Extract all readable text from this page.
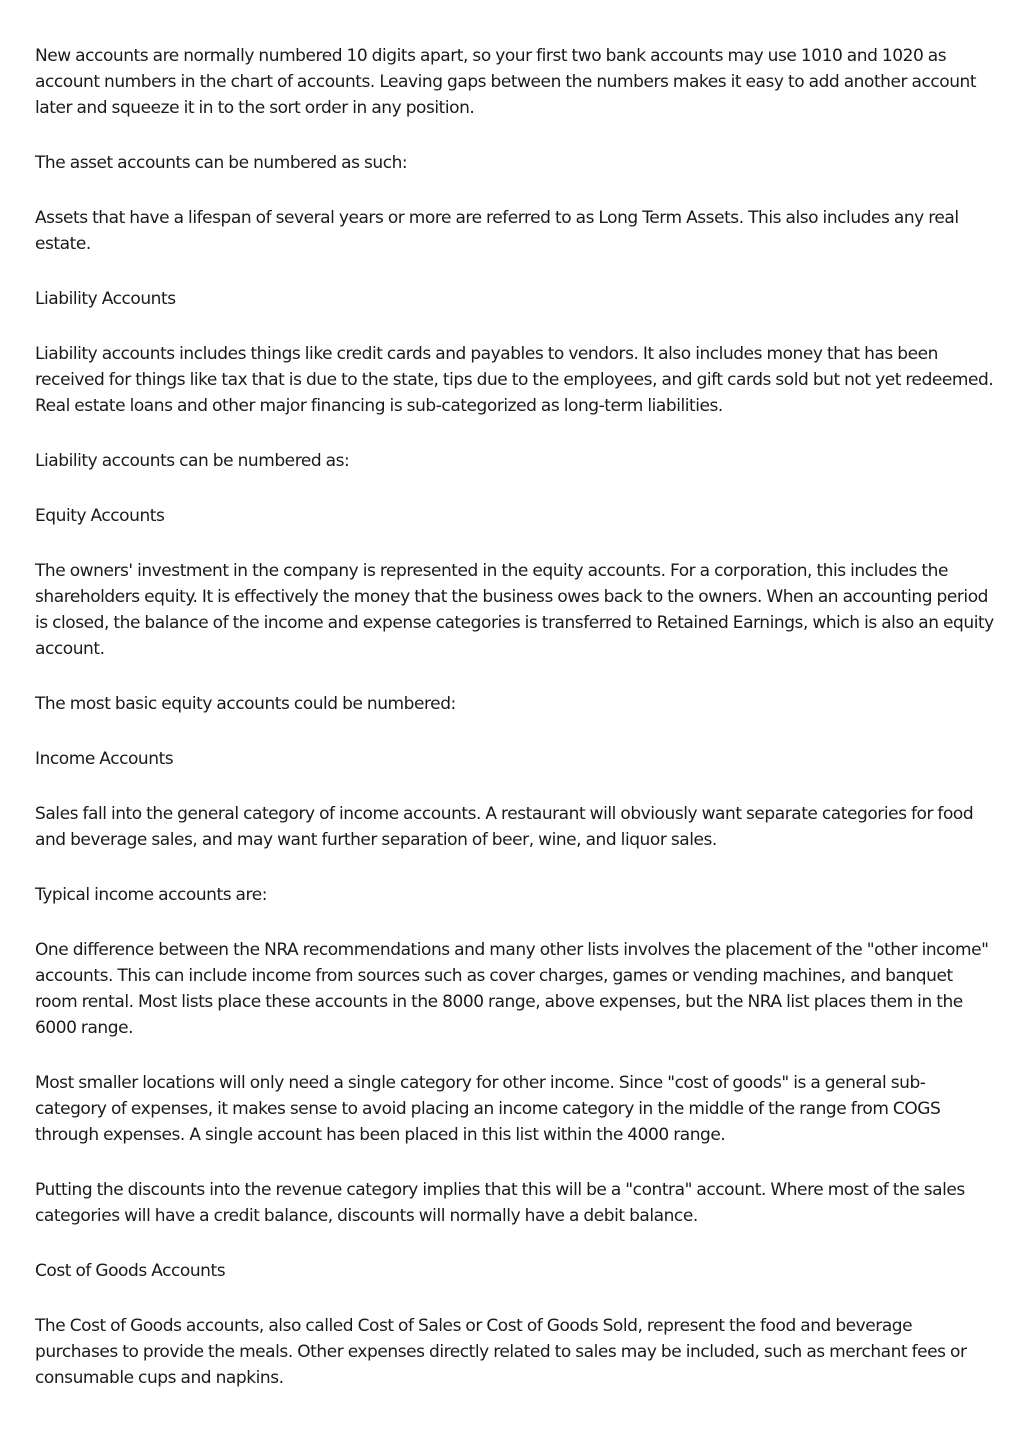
New accounts are normally numbered 10 digits apart, so your first two bank accounts may use 1010 and 1020 as account numbers in the chart of accounts. Leaving gaps between the numbers makes it easy to add another account later and squeeze it in to the sort order in any position.

The asset accounts can be numbered as such:

Assets that have a lifespan of several years or more are referred to as Long Term Assets. This also includes any real estate.

Liability Accounts

Liability accounts includes things like credit cards and payables to vendors. It also includes money that has been received for things like tax that is due to the state, tips due to the employees, and gift cards sold but not yet redeemed. Real estate loans and other major financing is sub-categorized as long-term liabilities.

Liability accounts can be numbered as:

Equity Accounts

The owners' investment in the company is represented in the equity accounts. For a corporation, this includes the shareholders equity. It is effectively the money that the business owes back to the owners. When an accounting period is closed, the balance of the income and expense categories is transferred to Retained Earnings, which is also an equity account.

The most basic equity accounts could be numbered:

Income Accounts

Sales fall into the general category of income accounts. A restaurant will obviously want separate categories for food and beverage sales, and may want further separation of beer, wine, and liquor sales.

Typical income accounts are:

One difference between the NRA recommendations and many other lists involves the placement of the "other income" accounts. This can include income from sources such as cover charges, games or vending machines, and banquet room rental. Most lists place these accounts in the 8000 range, above expenses, but the NRA list places them in the 6000 range.

Most smaller locations will only need a single category for other income. Since "cost of goods" is a general sub-category of expenses, it makes sense to avoid placing an income category in the middle of the range from COGS through expenses. A single account has been placed in this list within the 4000 range.

Putting the discounts into the revenue category implies that this will be a "contra" account. Where most of the sales categories will have a credit balance, discounts will normally have a debit balance.

Cost of Goods Accounts

The Cost of Goods accounts, also called Cost of Sales or Cost of Goods Sold, represent the food and beverage purchases to provide the meals. Other expenses directly related to sales may be included, such as merchant fees or consumable cups and napkins.
